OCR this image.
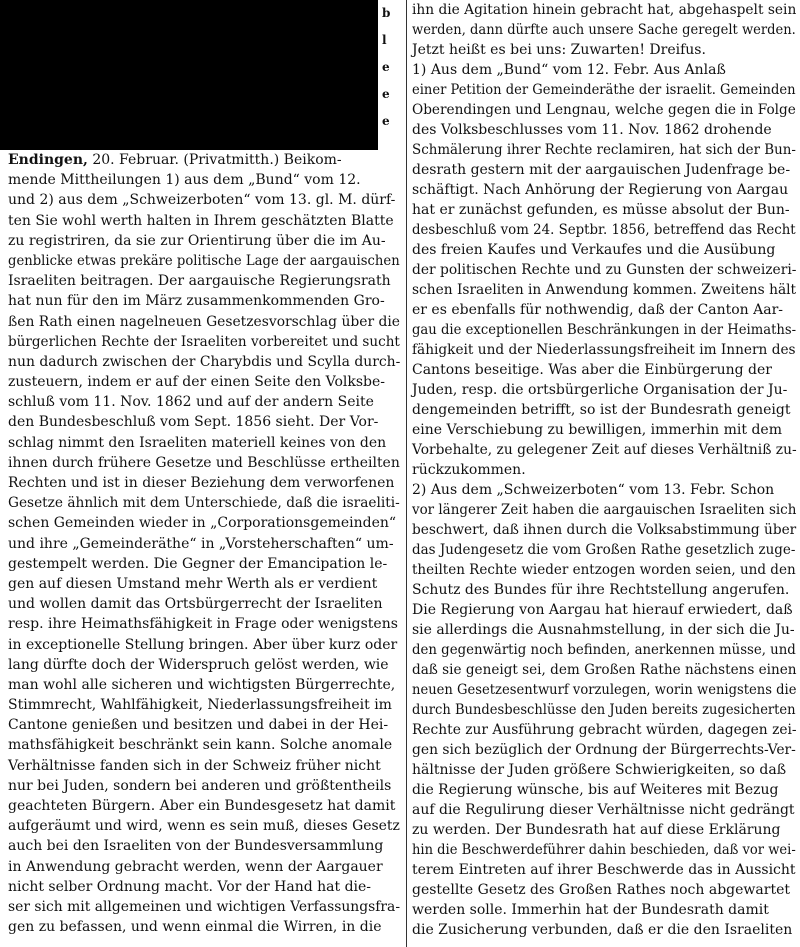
b
l
e
e
e
Endingen, 20. Februar. (Privatmitth.) Beikom-
mende Mittheilungen 1) aus dem „Bund“ vom 12.
und 2) aus dem „Schweizerboten“ vom 13. gl. M. dürf-
ten Sie wohl werth halten in Ihrem geschätzten Blatte
zu registriren, da sie zur Orientirung über die im Au-
genblicke etwas prekäre politische Lage der aargauischen
Israeliten beitragen. Der aargauische Regierungsrath
hat nun für den im März zusammenkommenden Gro-
ßen Rath einen nagelneuen Gesetzesvorschlag über die
bürgerlichen Rechte der Israeliten vorbereitet und sucht
nun dadurch zwischen der Charybdis und Scylla durch-
zusteuern, indem er auf der einen Seite den Volksbe-
schluß vom 11. Nov. 1862 und auf der andern Seite
den Bundesbeschluß vom Sept. 1856 sieht. Der Vor-
schlag nimmt den Israeliten materiell keines von den
ihnen durch frühere Gesetze und Beschlüsse ertheilten
Rechten und ist in dieser Beziehung dem verworfenen
Gesetze ähnlich mit dem Unterschiede, daß die israeliti-
schen Gemeinden wieder in „Corporationsgemeinden“
und ihre „Gemeinderäthe“ in „Vorsteherschaften“ um-
gestempelt werden. Die Gegner der Emancipation le-
gen auf diesen Umstand mehr Werth als er verdient
und wollen damit das Ortsbürgerrecht der Israeliten
resp. ihre Heimathsfähigkeit in Frage oder wenigstens
in exceptionelle Stellung bringen. Aber über kurz oder
lang dürfte doch der Widerspruch gelöst werden, wie
man wohl alle sicheren und wichtigsten Bürgerrechte,
Stimmrecht, Wahlfähigkeit, Niederlassungsfreiheit im
Cantone genießen und besitzen und dabei in der Hei-
mathsfähigkeit beschränkt sein kann. Solche anomale
Verhältnisse fanden sich in der Schweiz früher nicht
nur bei Juden, sondern bei anderen und größtentheils
geachteten Bürgern. Aber ein Bundesgesetz hat damit
aufgeräumt und wird, wenn es sein muß, dieses Gesetz
auch bei den Israeliten von der Bundesversammlung
in Anwendung gebracht werden, wenn der Aargauer
nicht selber Ordnung macht. Vor der Hand hat die-
ser sich mit allgemeinen und wichtigen Verfassungsfra-
gen zu befassen, und wenn einmal die Wirren, in die
ihn die Agitation hinein gebracht hat, abgehaspelt sein
werden, dann dürfte auch unsere Sache geregelt werden.
Jetzt heißt es bei uns: Zuwarten! Dreifus.
1) Aus dem „Bund“ vom 12. Febr. Aus Anlaß
einer Petition der Gemeinderäthe der israelit. Gemeinden
Oberendingen und Lengnau, welche gegen die in Folge
des Volksbeschlusses vom 11. Nov. 1862 drohende
Schmälerung ihrer Rechte reclamiren, hat sich der Bun-
desrath gestern mit der aargauischen Judenfrage be-
schäftigt. Nach Anhörung der Regierung von Aargau
hat er zunächst gefunden, es müsse absolut der Bun-
desbeschluß vom 24. Septbr. 1856, betreffend das Recht
des freien Kaufes und Verkaufes und die Ausübung
der politischen Rechte und zu Gunsten der schweizeri-
schen Israeliten in Anwendung kommen. Zweitens hält
er es ebenfalls für nothwendig, daß der Canton Aar-
gau die exceptionellen Beschränkungen in der Heimaths-
fähigkeit und der Niederlassungsfreiheit im Innern des
Cantons beseitige. Was aber die Einbürgerung der
Juden, resp. die ortsbürgerliche Organisation der Ju-
dengemeinden betrifft, so ist der Bundesrath geneigt
eine Verschiebung zu bewilligen, immerhin mit dem
Vorbehalte, zu gelegener Zeit auf dieses Verhältniß zu-
rückzukommen.
2) Aus dem „Schweizerboten“ vom 13. Febr. Schon
vor längerer Zeit haben die aargauischen Israeliten sich
beschwert, daß ihnen durch die Volksabstimmung über
das Judengesetz die vom Großen Rathe gesetzlich zuge-
theilten Rechte wieder entzogen worden seien, und den
Schutz des Bundes für ihre Rechtstellung angerufen.
Die Regierung von Aargau hat hierauf erwiedert, daß
sie allerdings die Ausnahmstellung, in der sich die Ju-
den gegenwärtig noch befinden, anerkennen müsse, und
daß sie geneigt sei, dem Großen Rathe nächstens einen
neuen Gesetzesentwurf vorzulegen, worin wenigstens die
durch Bundesbeschlüsse den Juden bereits zugesicherten
Rechte zur Ausführung gebracht würden, dagegen zei-
gen sich bezüglich der Ordnung der Bürgerrechts-Ver-
hältnisse der Juden größere Schwierigkeiten, so daß
die Regierung wünsche, bis auf Weiteres mit Bezug
auf die Regulirung dieser Verhältnisse nicht gedrängt
zu werden. Der Bundesrath hat auf diese Erklärung
hin die Beschwerdeführer dahin beschieden, daß vor wei-
terem Eintreten auf ihrer Beschwerde das in Aussicht
gestellte Gesetz des Großen Rathes noch abgewartet
werden solle. Immerhin hat der Bundesrath damit
die Zusicherung verbunden, daß er die den Israeliten
